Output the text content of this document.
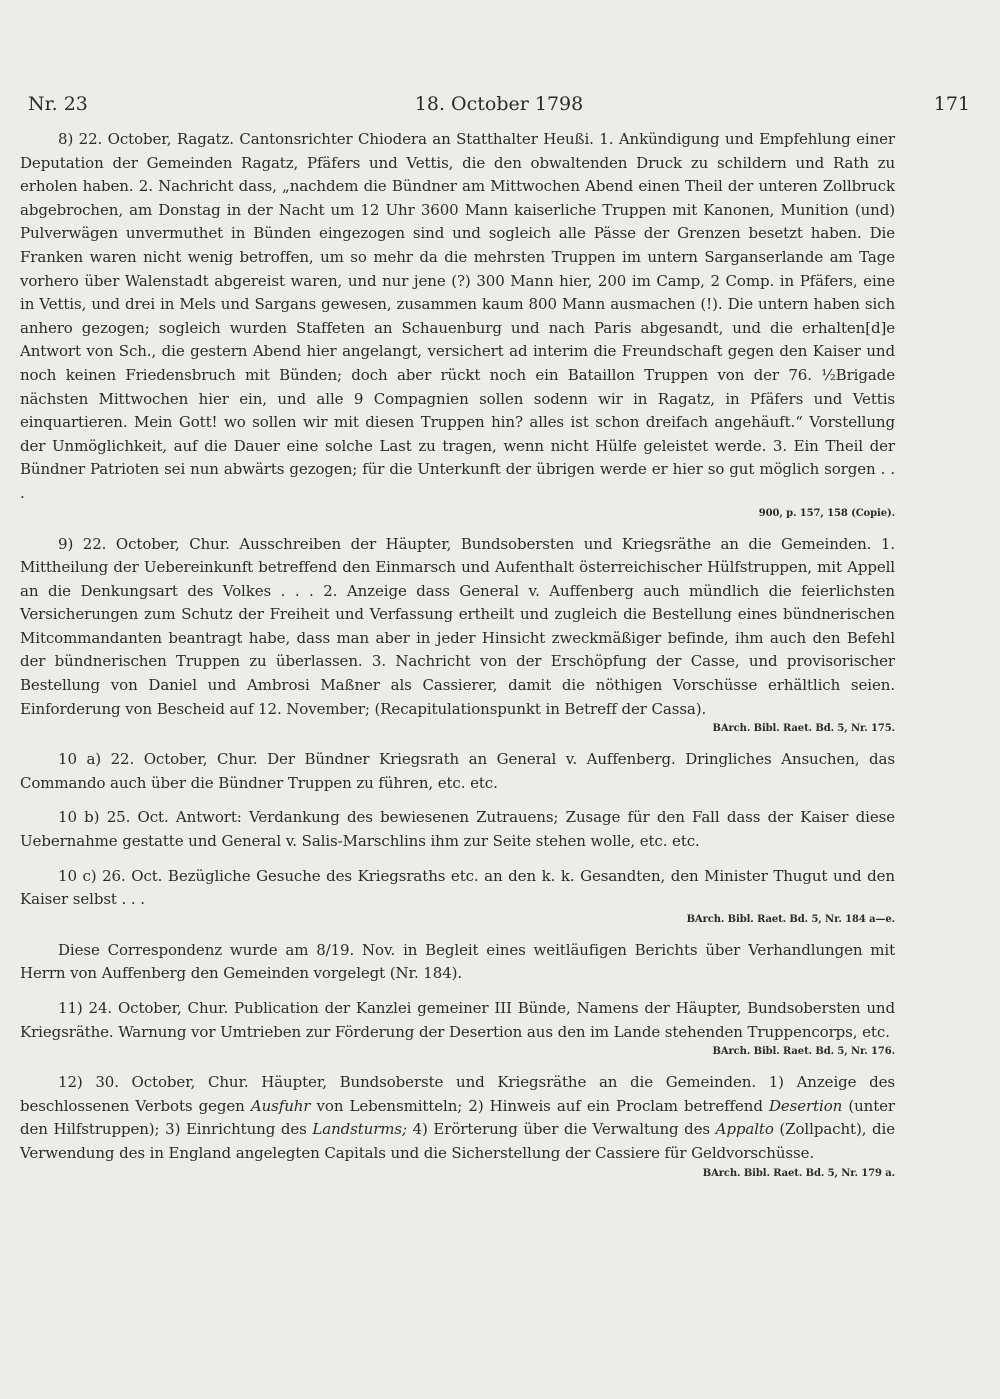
Nr. 23	18. October 1798	171

8) 22. October, Ragatz. Cantonsrichter Chiodera an Statthalter Heußi. 1. Ankündigung und Empfehlung einer Deputation der Gemeinden Ragatz, Pfäfers und Vettis, die den obwaltenden Druck zu schildern und Rath zu erholen haben. 2. Nachricht dass, „nachdem die Bündner am Mittwochen Abend einen Theil der unteren Zollbruck abgebrochen, am Donstag in der Nacht um 12 Uhr 3600 Mann kaiserliche Truppen mit Kanonen, Munition (und) Pulverwägen unvermuthet in Bünden eingezogen sind und sogleich alle Pässe der Grenzen besetzt haben. Die Franken waren nicht wenig betroffen, um so mehr da die mehrsten Truppen im untern Sarganserlande am Tage vorhero über Walenstadt abgereist waren, und nur jene (?) 300 Mann hier, 200 im Camp, 2 Comp. in Pfäfers, eine in Vettis, und drei in Mels und Sargans gewesen, zusammen kaum 800 Mann ausmachen (!). Die untern haben sich anhero gezogen; sogleich wurden Staffeten an Schauenburg und nach Paris abgesandt, und die erhalten[d]e Antwort von Sch., die gestern Abend hier angelangt, versichert ad interim die Freundschaft gegen den Kaiser und noch keinen Friedensbruch mit Bünden; doch aber rückt noch ein Bataillon Truppen von der 76. ½Brigade nächsten Mittwochen hier ein, und alle 9 Compagnien sollen sodenn wir in Ragatz, in Pfäfers und Vettis einquartieren. Mein Gott! wo sollen wir mit diesen Truppen hin? alles ist schon dreifach angehäuft.“ Vorstellung der Unmöglichkeit, auf die Dauer eine solche Last zu tragen, wenn nicht Hülfe geleistet werde. 3. Ein Theil der Bündner Patrioten sei nun abwärts gezogen; für die Unterkunft der übrigen werde er hier so gut möglich sorgen . . .

900, p. 157, 158 (Copie).

9) 22. October, Chur. Ausschreiben der Häupter, Bundsobersten und Kriegsräthe an die Gemeinden. 1. Mittheilung der Uebereinkunft betreffend den Einmarsch und Aufenthalt österreichischer Hülfstruppen, mit Appell an die Denkungsart des Volkes . . . 2. Anzeige dass General v. Auffenberg auch mündlich die feierlichsten Versicherungen zum Schutz der Freiheit und Verfassung ertheilt und zugleich die Bestellung eines bündnerischen Mitcommandanten beantragt habe, dass man aber in jeder Hinsicht zweckmäßiger befinde, ihm auch den Befehl der bündnerischen Truppen zu überlassen. 3. Nachricht von der Erschöpfung der Casse, und provisorischer Bestellung von Daniel und Ambrosi Maßner als Cassierer, damit die nöthigen Vorschüsse erhältlich seien. Einforderung von Bescheid auf 12. November; (Recapitulationspunkt in Betreff der Cassa).

BArch. Bibl. Raet. Bd. 5, Nr. 175.

10 a) 22. October, Chur. Der Bündner Kriegsrath an General v. Auffenberg. Dringliches Ansuchen, das Commando auch über die Bündner Truppen zu führen, etc. etc.

10 b) 25. Oct. Antwort: Verdankung des bewiesenen Zutrauens; Zusage für den Fall dass der Kaiser diese Uebernahme gestatte und General v. Salis-Marschlins ihm zur Seite stehen wolle, etc. etc.

10 c) 26. Oct. Bezügliche Gesuche des Kriegsraths etc. an den k. k. Gesandten, den Minister Thugut und den Kaiser selbst . . .

BArch. Bibl. Raet. Bd. 5, Nr. 184 a—e.

Diese Correspondenz wurde am 8/19. Nov. in Begleit eines weitläufigen Berichts über Verhandlungen mit Herrn von Auffenberg den Gemeinden vorgelegt (Nr. 184).

11) 24. October, Chur. Publication der Kanzlei gemeiner III Bünde, Namens der Häupter, Bundsobersten und Kriegsräthe. Warnung vor Umtrieben zur Förderung der Desertion aus den im Lande stehenden Truppencorps, etc.

BArch. Bibl. Raet. Bd. 5, Nr. 176.

12) 30. October, Chur. Häupter, Bundsoberste und Kriegsräthe an die Gemeinden. 1) Anzeige des beschlossenen Verbots gegen Ausfuhr von Lebensmitteln; 2) Hinweis auf ein Proclam betreffend Desertion (unter den Hilfstruppen); 3) Einrichtung des Landsturms; 4) Erörterung über die Verwaltung des Appalto (Zollpacht), die Verwendung des in England angelegten Capitals und die Sicherstellung der Cassiere für Geldvorschüsse.

BArch. Bibl. Raet. Bd. 5, Nr. 179 a.
